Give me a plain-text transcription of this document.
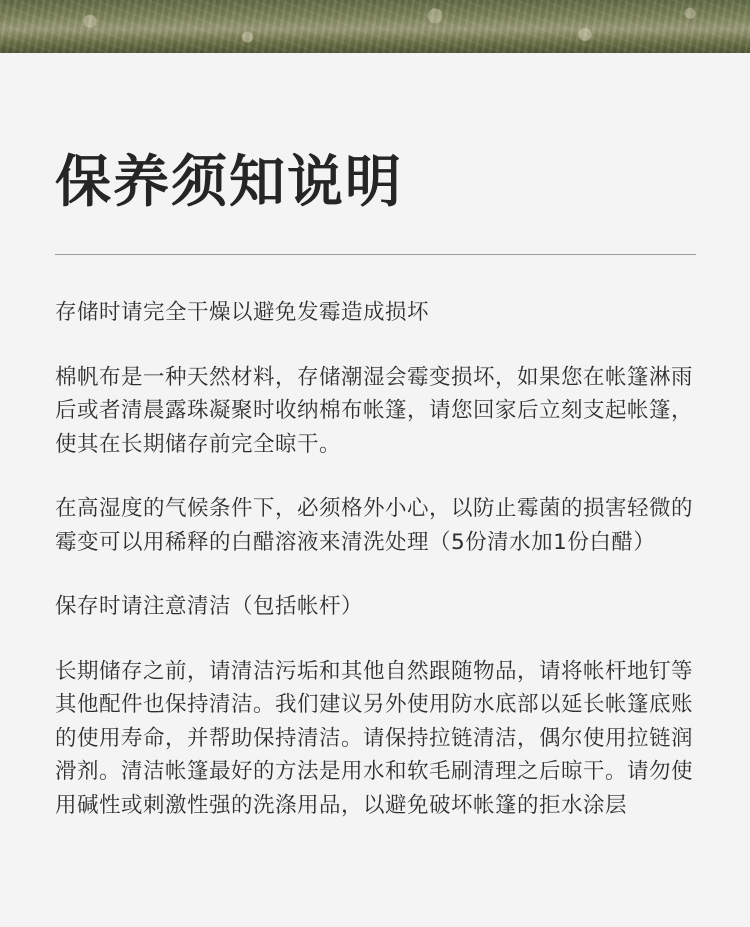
保养须知说明

存储时请完全干燥以避免发霉造成损坏

棉帆布是一种天然材料，存储潮湿会霉变损坏，如果您在帐篷淋雨后或者清晨露珠凝聚时收纳棉布帐篷，请您回家后立刻支起帐篷，使其在长期储存前完全晾干。

在高湿度的气候条件下，必须格外小心，以防止霉菌的损害轻微的霉变可以用稀释的白醋溶液来清洗处理（5份清水加1份白醋）

保存时请注意清洁（包括帐杆）

长期储存之前，请清洁污垢和其他自然跟随物品，请将帐杆地钉等其他配件也保持清洁。我们建议另外使用防水底部以延长帐篷底账的使用寿命，并帮助保持清洁。请保持拉链清洁，偶尔使用拉链润滑剂。清洁帐篷最好的方法是用水和软毛刷清理之后晾干。请勿使用碱性或刺激性强的洗涤用品，以避免破坏帐篷的拒水涂层
